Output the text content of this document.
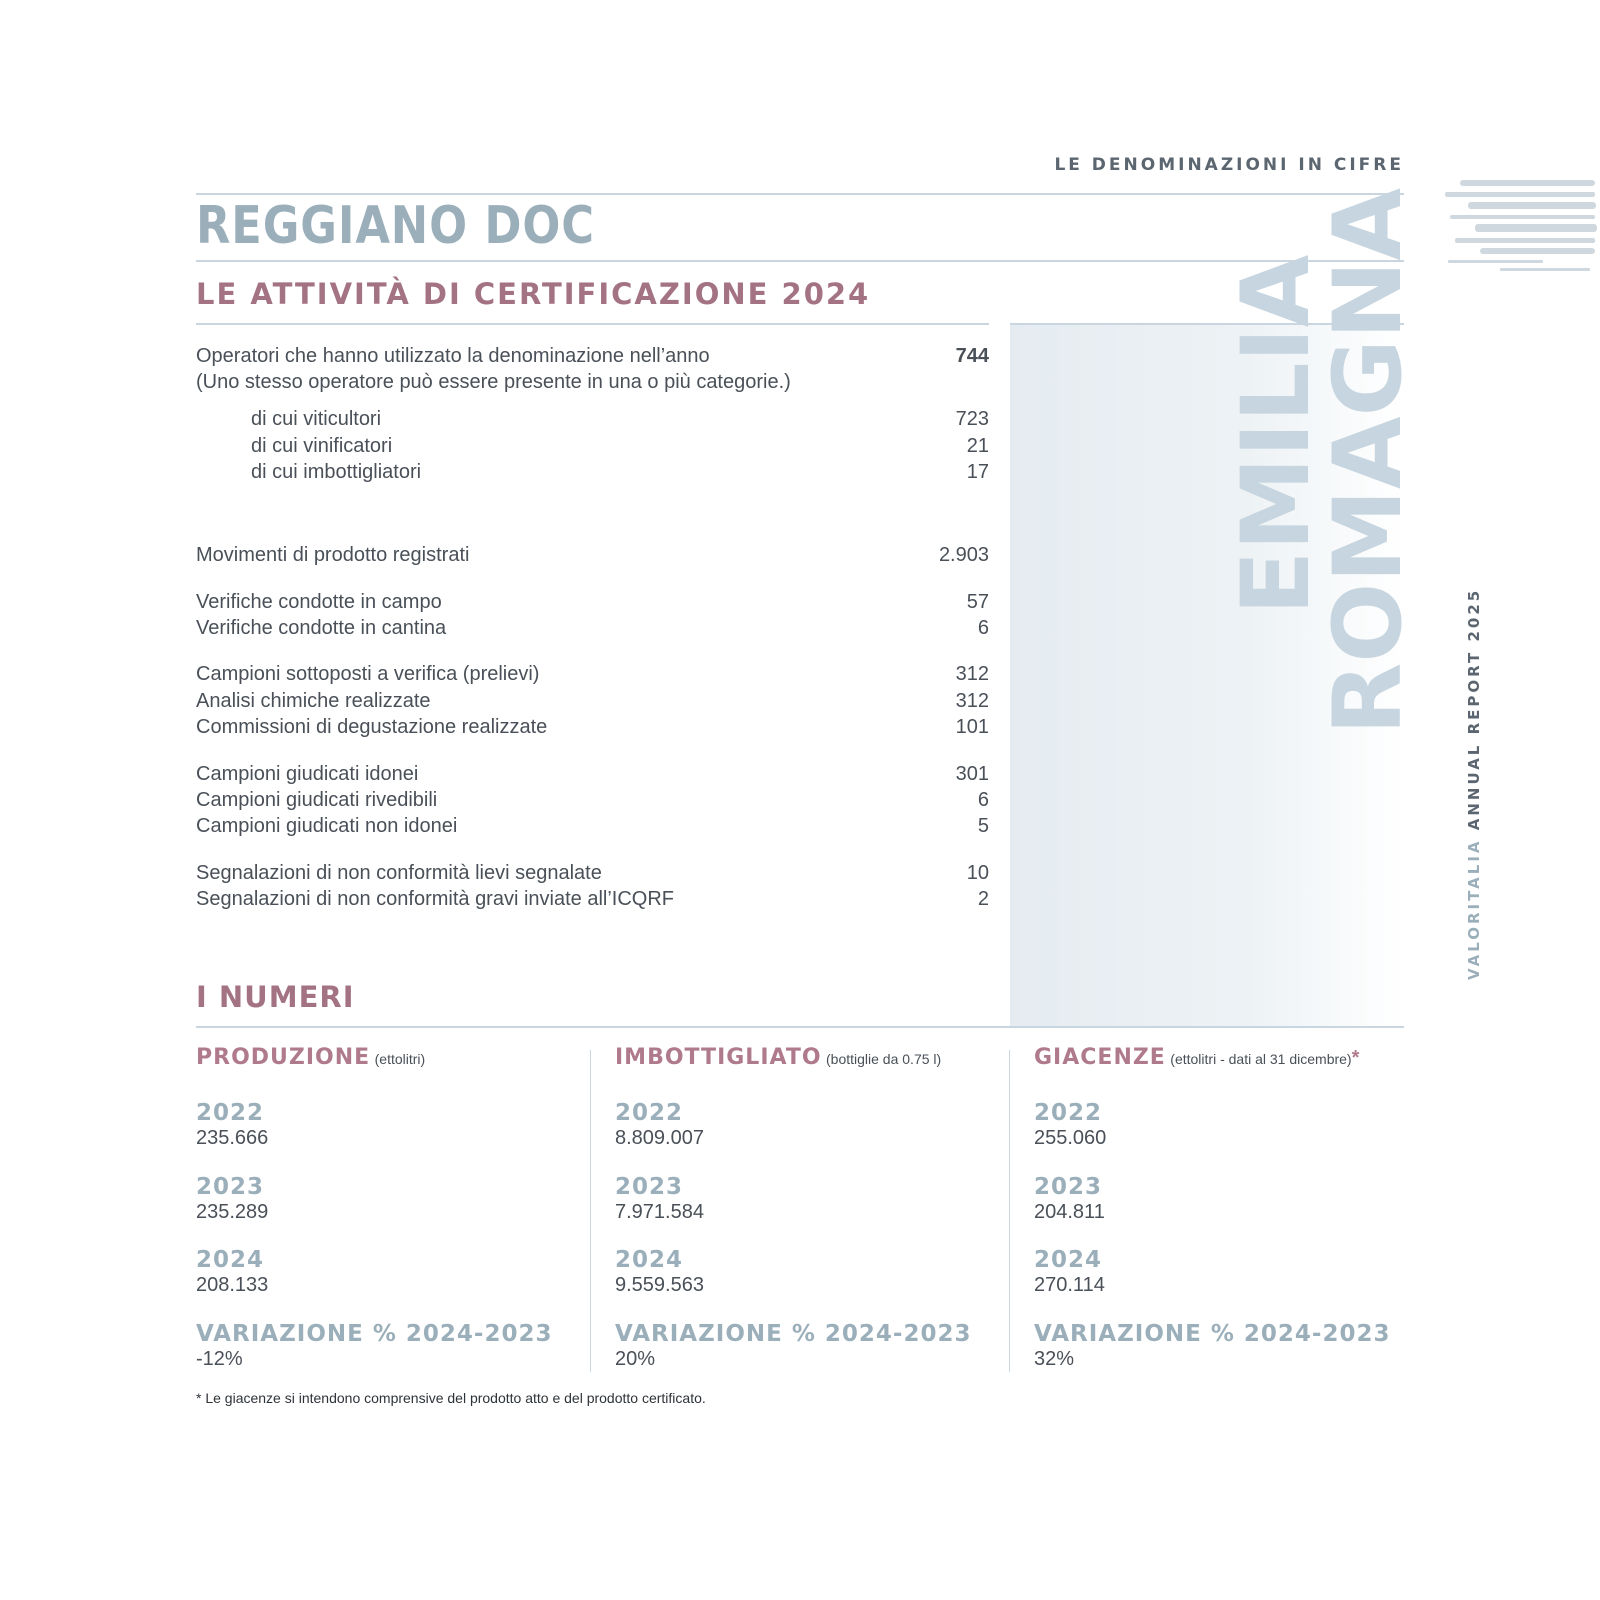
LE DENOMINAZIONI IN CIFRE
REGGIANO DOC
LE ATTIVITÀ DI CERTIFICAZIONE 2024	EMILIA
ROMAGNA
Operatori che hanno utilizzato la denominazione nell’anno	744
(Uno stesso operatore può essere presente in una o più categorie.)
di cui viticultori	723
di cui vinificatori	21
di cui imbottigliatori	17
Movimenti di prodotto registrati	2.903
Verifiche condotte in campo	57
Verifiche condotte in cantina	6
Campioni sottoposti a verifica (prelievi)	312
Analisi chimiche realizzate	312
Commissioni di degustazione realizzate	101
Campioni giudicati idonei	301
Campioni giudicati rivedibili	6
Campioni giudicati non idonei	5
Segnalazioni di non conformità lievi segnalate	10
Segnalazioni di non conformità gravi inviate all’ICQRF	2
I NUMERI
PRODUZIONE (ettolitri)
2022
235.666
2023
235.289
2024
208.133
VARIAZIONE % 2024-2023
-12%
IMBOTTIGLIATO (bottiglie da 0.75 l)
2022
8.809.007
2023
7.971.584
2024
9.559.563
VARIAZIONE % 2024-2023
20%
GIACENZE (ettolitri - dati al 31 dicembre)*
2022
255.060
2023
204.811
2024
270.114
VARIAZIONE % 2024-2023
32%
* Le giacenze si intendono comprensive del prodotto atto e del prodotto certificato.
VALORITALIA ANNUAL REPORT 2025
